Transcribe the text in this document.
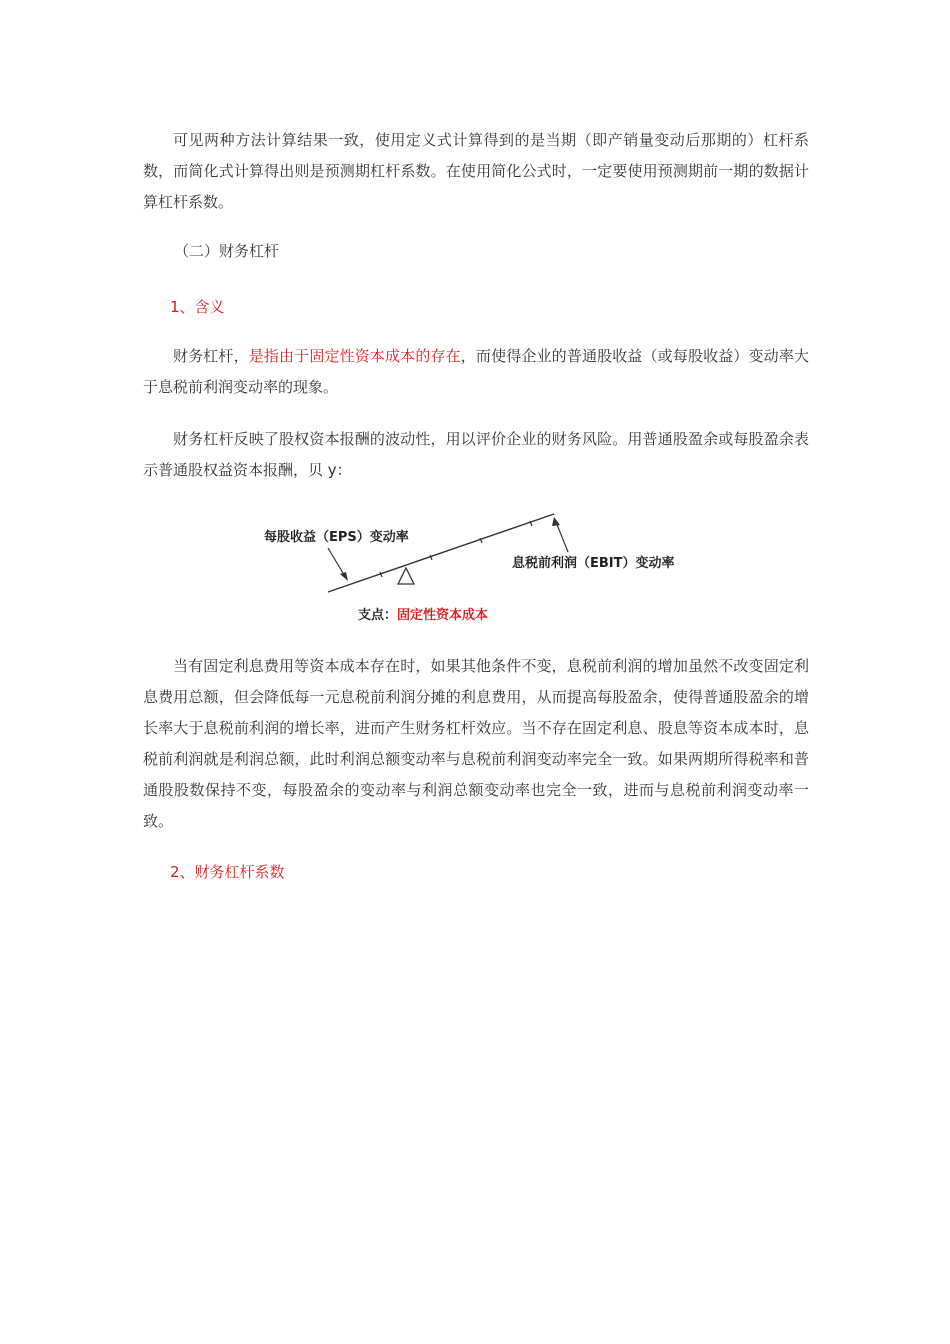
可见两种方法计算结果一致，使用定义式计算得到的是当期（即产销量变动后那期的）杠杆系数，而简化式计算得出则是预测期杠杆系数。在使用简化公式时，一定要使用预测期前一期的数据计算杠杆系数。

（二）财务杠杆

1、含义

财务杠杆，是指由于固定性资本成本的存在，而使得企业的普通股收益（或每股收益）变动率大于息税前利润变动率的现象。

财务杠杆反映了股权资本报酬的波动性，用以评价企业的财务风险。用普通股盈余或每股盈余表示普通股权益资本报酬，贝 y：

每股收益（EPS）变动率
息税前利润（EBIT）变动率
支点：固定性资本成本

当有固定利息费用等资本成本存在时，如果其他条件不变，息税前利润的增加虽然不改变固定利息费用总额，但会降低每一元息税前利润分摊的利息费用，从而提高每股盈余，使得普通股盈余的增长率大于息税前利润的增长率，进而产生财务杠杆效应。当不存在固定利息、股息等资本成本时，息税前利润就是利润总额，此时利润总额变动率与息税前利润变动率完全一致。如果两期所得税率和普通股股数保持不变，每股盈余的变动率与利润总额变动率也完全一致，进而与息税前利润变动率一致。

2、财务杠杆系数
